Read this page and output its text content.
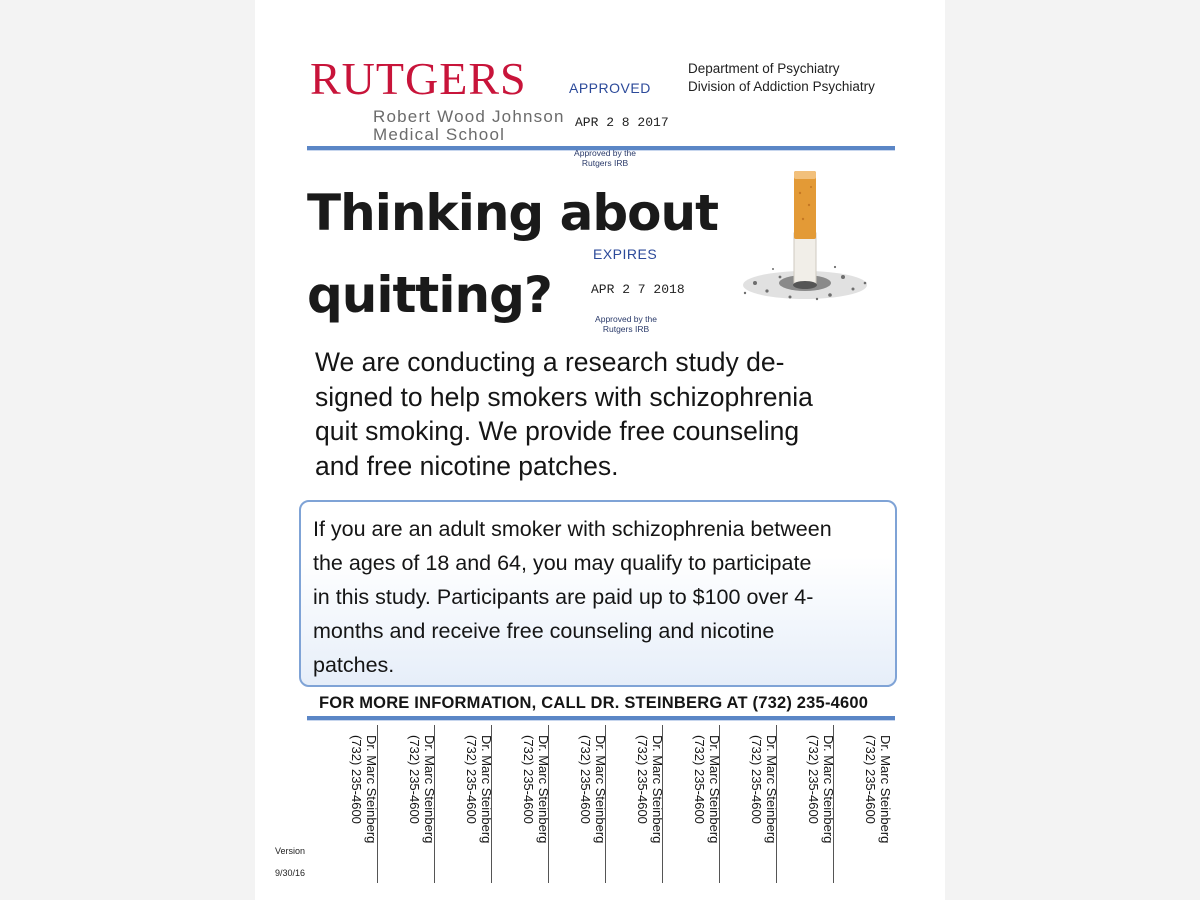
RUTGERS
Robert Wood Johnson
Medical School
Department of Psychiatry
Division of Addiction Psychiatry
APPROVED
APR 2 8 2017
Approved by the
Rutgers IRB
Thinking about
quitting?
EXPIRES
APR 2 7 2018
Approved by the
Rutgers IRB
We are conducting a research study de-
signed to help smokers with schizophrenia
quit smoking. We provide free counseling
and free nicotine patches.

If you are an adult smoker with schizophrenia between
the ages of 18 and 64, you may qualify to participate
in this study. Participants are paid up to $100 over 4-
months and receive free counseling and nicotine
patches.

FOR MORE INFORMATION, CALL DR. STEINBERG AT (732) 235-4600
Dr. Marc Steinberg
(732) 235-4600	Dr. Marc Steinberg
(732) 235-4600	Dr. Marc Steinberg
(732) 235-4600	Dr. Marc Steinberg
(732) 235-4600	Dr. Marc Steinberg
(732) 235-4600	Dr. Marc Steinberg
(732) 235-4600	Dr. Marc Steinberg
(732) 235-4600	Dr. Marc Steinberg
(732) 235-4600	Dr. Marc Steinberg
(732) 235-4600	Dr. Marc Steinberg
(732) 235-4600
Version
9/30/16
